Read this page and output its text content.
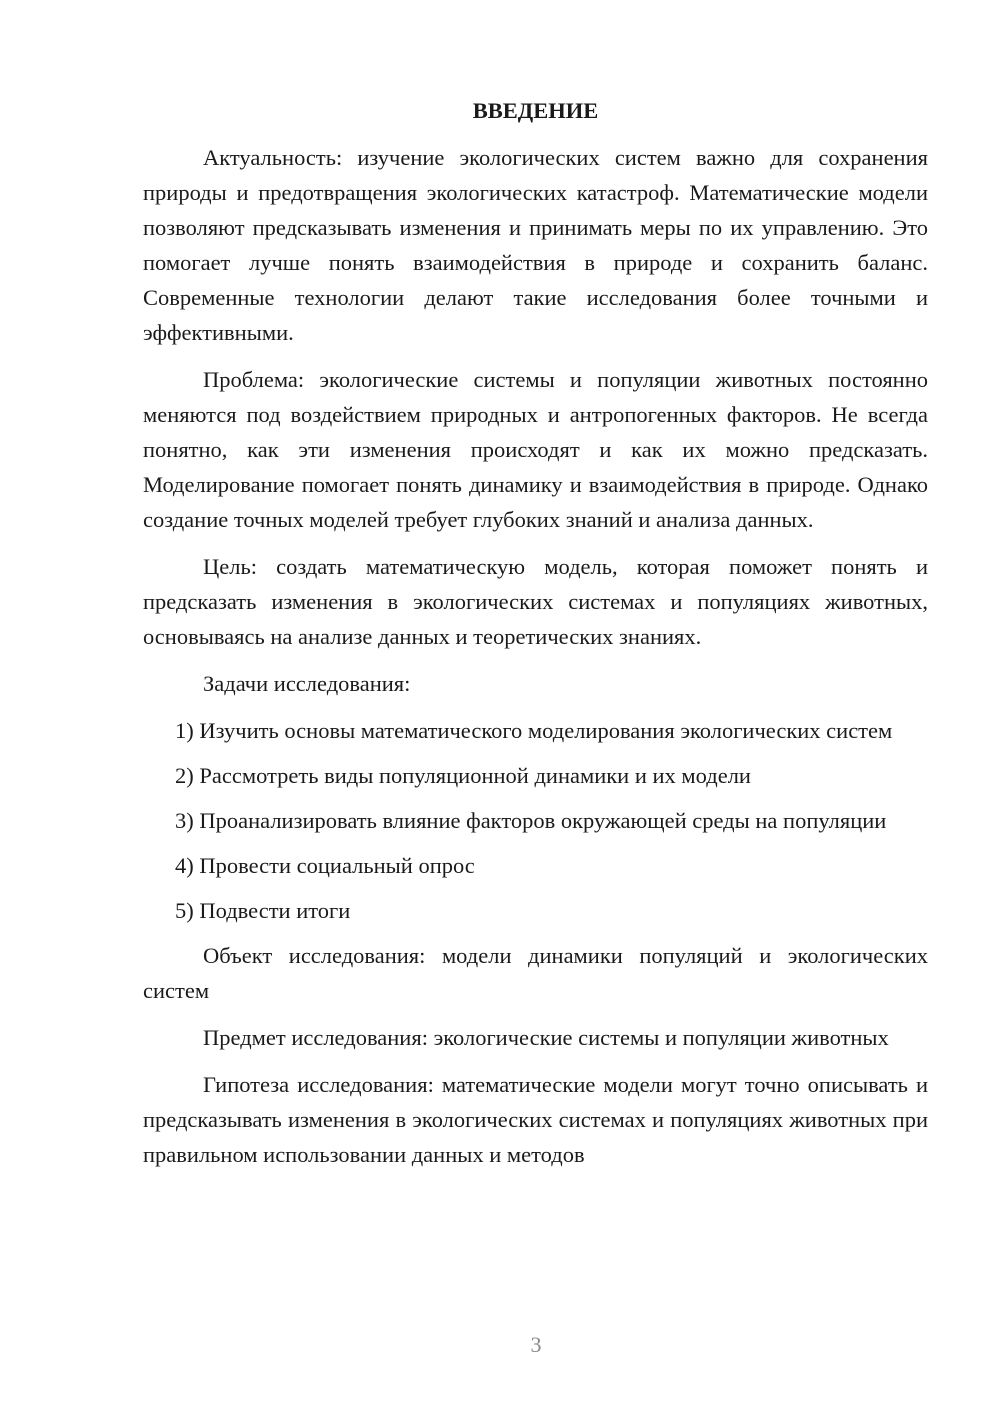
ВВЕДЕНИЕ

Актуальность: изучение экологических систем важно для сохранения природы и предотвращения экологических катастроф. Математические модели позволяют предсказывать изменения и принимать меры по их управлению. Это помогает лучше понять взаимодействия в природе и сохранить баланс. Современные технологии делают такие исследования более точными и эффективными.

Проблема: экологические системы и популяции животных постоянно меняются под воздействием природных и антропогенных факторов. Не всегда понятно, как эти изменения происходят и как их можно предсказать. Моделирование помогает понять динамику и взаимодействия в природе. Однако создание точных моделей требует глубоких знаний и анализа данных.

Цель: создать математическую модель, которая поможет понять и предсказать изменения в экологических системах и популяциях животных, основываясь на анализе данных и теоретических знаниях.

Задачи исследования:

1) Изучить основы математического моделирования экологических систем

2) Рассмотреть виды популяционной динамики и их модели

3) Проанализировать влияние факторов окружающей среды на популяции

4) Провести социальный опрос

5) Подвести итоги

Объект исследования: модели динамики популяций и экологических систем

Предмет исследования: экологические системы и популяции животных

Гипотеза исследования: математические модели могут точно описывать и предсказывать изменения в экологических системах и популяциях животных при правильном использовании данных и методов

3
